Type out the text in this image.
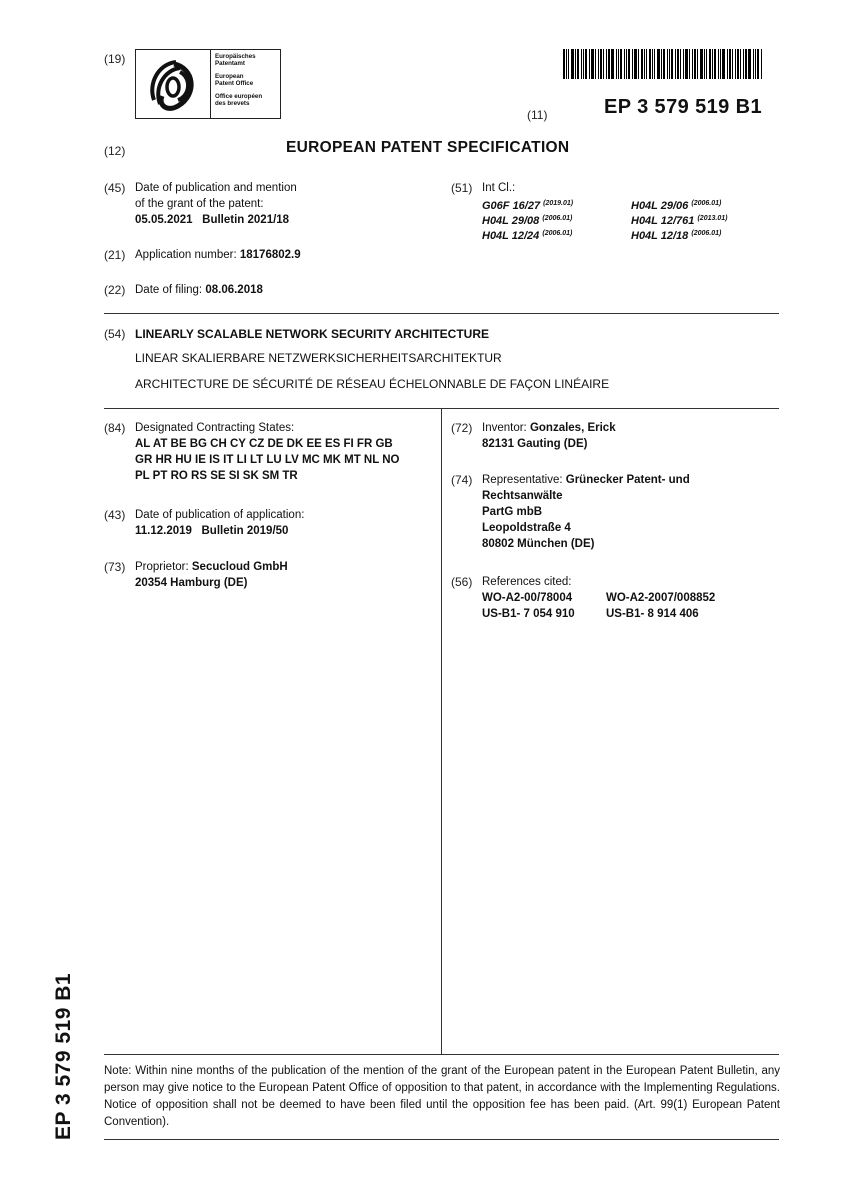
(19)	Europäisches
Patentamt
European
Patent Office
Office européen
des brevets
(11)	EP 3 579 519 B1
(12)	EUROPEAN PATENT SPECIFICATION
(45) Date of publication and mention
of the grant of the patent:
05.05.2021   Bulletin 2021/18
(51) Int Cl.:
G06F 16/27 $^{(2019.01)}$	H04L 29/06 $^{(2006.01)}$
H04L 29/08 $^{(2006.01)}$	H04L 12/761 $^{(2013.01)}$
H04L 12/24 $^{(2006.01)}$	H04L 12/18 $^{(2006.01)}$
(21) Application number: 18176802.9
(22) Date of filing: 08.06.2018
(54) LINEARLY SCALABLE NETWORK SECURITY ARCHITECTURE
LINEAR SKALIERBARE NETZWERKSICHERHEITSARCHITEKTUR
ARCHITECTURE DE SÉCURITÉ DE RÉSEAU ÉCHELONNABLE DE FAÇON LINÉAIRE
(84) Designated Contracting States:
AL AT BE BG CH CY CZ DE DK EE ES FI FR GB
GR HR HU IE IS IT LI LT LU LV MC MK MT NL NO
PL PT RO RS SE SI SK SM TR
(43) Date of publication of application:
11.12.2019   Bulletin 2019/50
(73) Proprietor: Secucloud GmbH
20354 Hamburg (DE)
(72) Inventor: Gonzales, Erick
82131 Gauting (DE)
(74) Representative: Grünecker Patent- und
Rechtsanwälte
PartG mbB
Leopoldstraße 4
80802 München (DE)
(56) References cited:
WO-A2-00/78004	WO-A2-2007/008852
US-B1- 7 054 910	US-B1- 8 914 406
Note: Within nine months of the publication of the mention of the grant of the European patent in the European Patent Bulletin, any person may give notice to the European Patent Office of opposition to that patent, in accordance with the Implementing Regulations. Notice of opposition shall not be deemed to have been filed until the opposition fee has been paid. (Art. 99(1) European Patent Convention).
EP 3 579 519 B1
